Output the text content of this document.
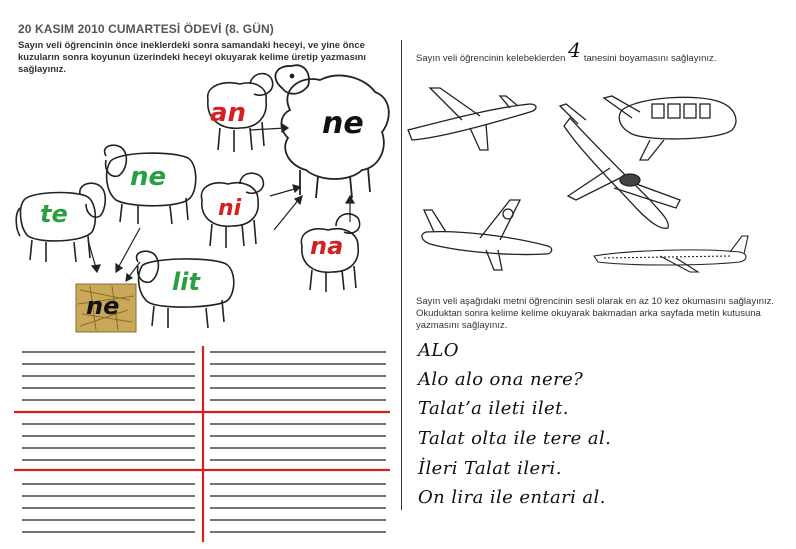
20 KASIM 2010 CUMARTESİ ÖDEVİ (8. GÜN)
Sayın veli öğrencinin önce ineklerdeki sonra samandaki heceyi, ve yine önce kuzuların sonra koyunun üzerindeki heceyi okuyarak kelime üretip yazmasını sağlayınız.
te
ne
lit
ne
an
ni
na
ne
Sayın veli öğrencinin kelebeklerden 4 tanesini boyamasını sağlayınız.
Sayın veli aşağıdaki metni öğrencinin sesli olarak en az 10 kez okumasını sağlayınız. Okuduktan sonra kelime kelime okuyarak bakmadan arka sayfada metin kutusuna yazmasını sağlayınız.
ALO
Alo alo ona nere?
Talat’a ileti ilet.
Talat olta ile tere al.
İleri Talat ileri.
On lira ile entari al.
